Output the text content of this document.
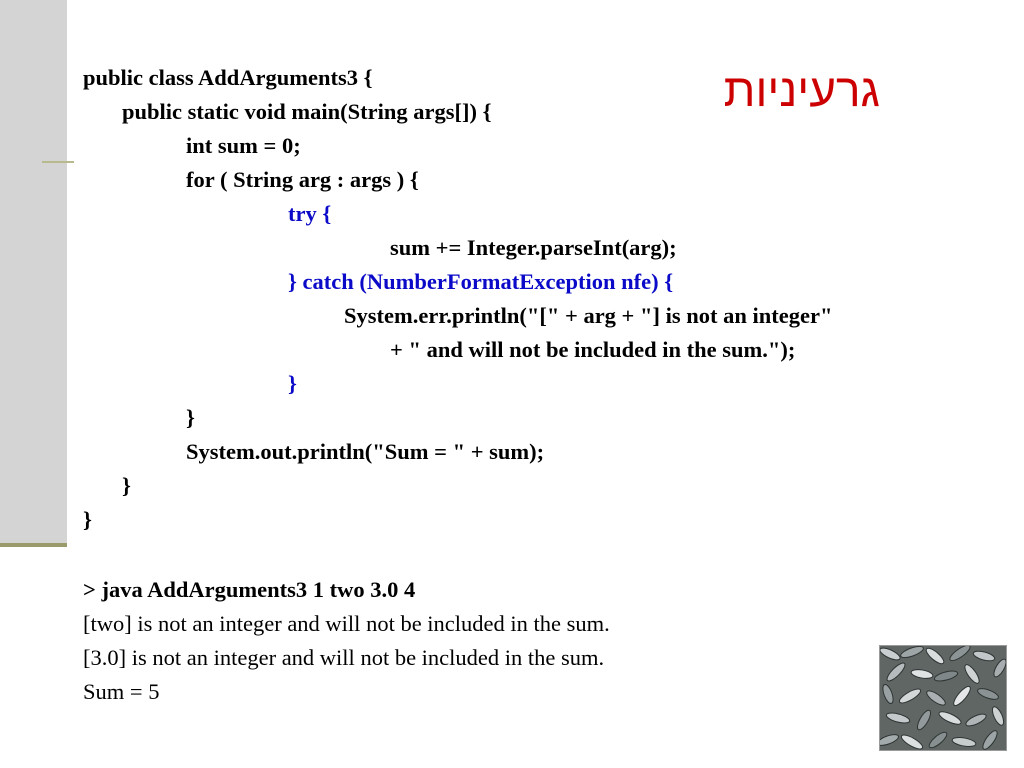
גרעיניות
public class AddArguments3 {
public static void main(String args[]) {
int sum = 0;
for ( String arg : args ) {
try {
sum += Integer.parseInt(arg);
} catch (NumberFormatException nfe) {
System.err.println("[" + arg + "] is not an integer"
+ " and will not be included in the sum.");
}
}
System.out.println("Sum = " + sum);
}
}
> java AddArguments3 1 two 3.0 4
[two] is not an integer and will not be included in the sum.
[3.0] is not an integer and will not be included in the sum.
Sum = 5
